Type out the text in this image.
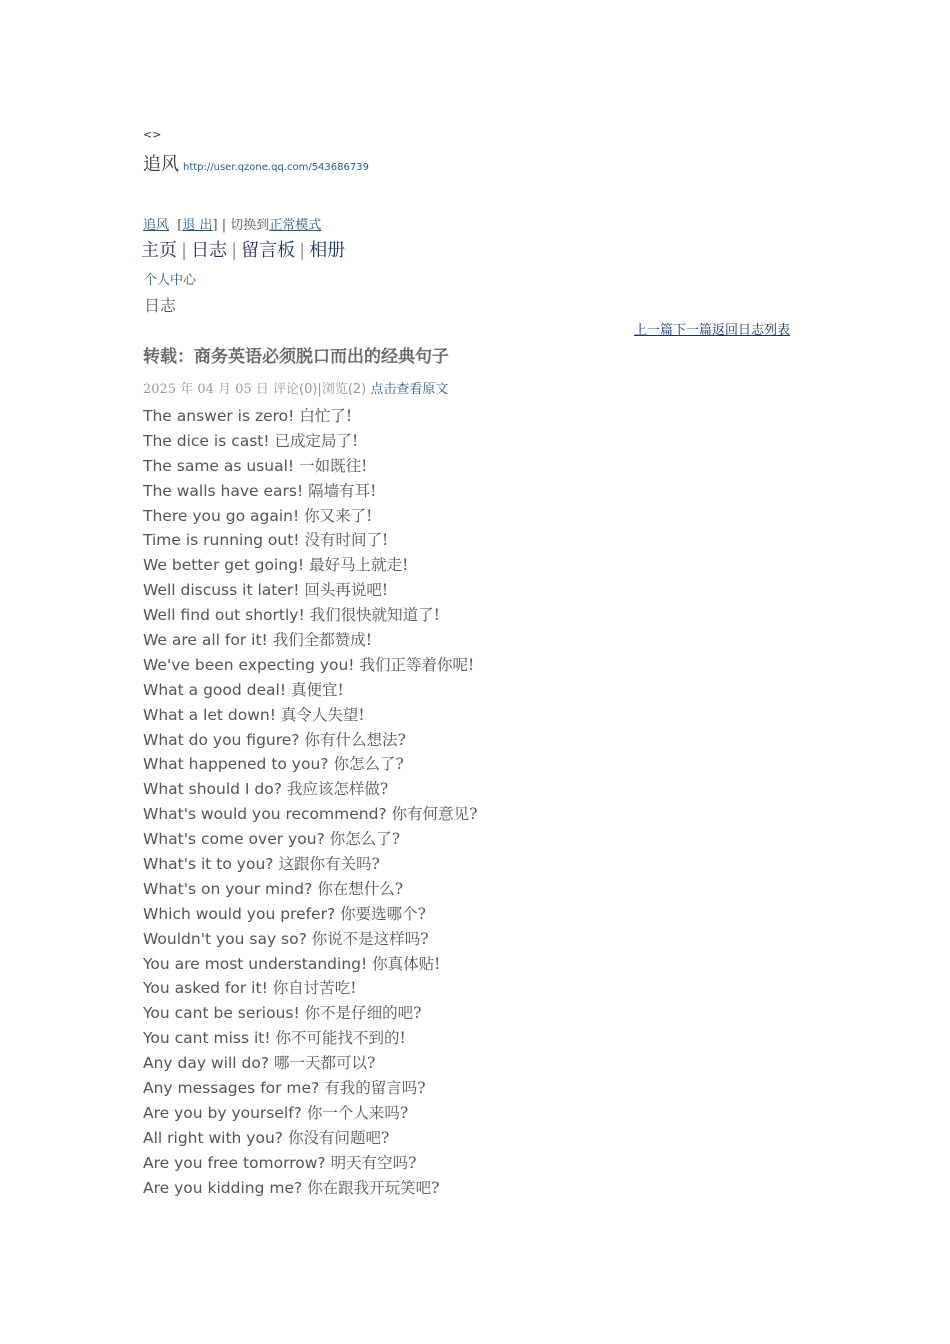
<>
追风 http://user.qzone.qq.com/543686739
追风  [退 出] | 切换到正常模式
主页 | 日志 | 留言板 | 相册
个人中心
日志
上一篇下一篇返回日志列表
转载：商务英语必须脱口而出的经典句子
2025 年 04 月 05 日 评论(0)|浏览(2) 点击查看原文
The answer is zero! 白忙了!
The dice is cast! 已成定局了!
The same as usual! 一如既往!
The walls have ears! 隔墙有耳!
There you go again! 你又来了!
Time is running out! 没有时间了!
We better get going! 最好马上就走!
Well discuss it later! 回头再说吧!
Well find out shortly! 我们很快就知道了!
We are all for it! 我们全都赞成!
We've been expecting you! 我们正等着你呢!
What a good deal! 真便宜!
What a let down! 真令人失望!
What do you figure? 你有什么想法?
What happened to you? 你怎么了?
What should I do? 我应该怎样做?
What's would you recommend? 你有何意见?
What's come over you? 你怎么了?
What's it to you? 这跟你有关吗?
What's on your mind? 你在想什么?
Which would you prefer? 你要选哪个?
Wouldn't you say so? 你说不是这样吗?
You are most understanding! 你真体贴!
You asked for it! 你自讨苦吃!
You cant be serious! 你不是仔细的吧?
You cant miss it! 你不可能找不到的!
Any day will do? 哪一天都可以?
Any messages for me? 有我的留言吗?
Are you by yourself? 你一个人来吗?
All right with you? 你没有问题吧?
Are you free tomorrow? 明天有空吗?
Are you kidding me? 你在跟我开玩笑吧?
